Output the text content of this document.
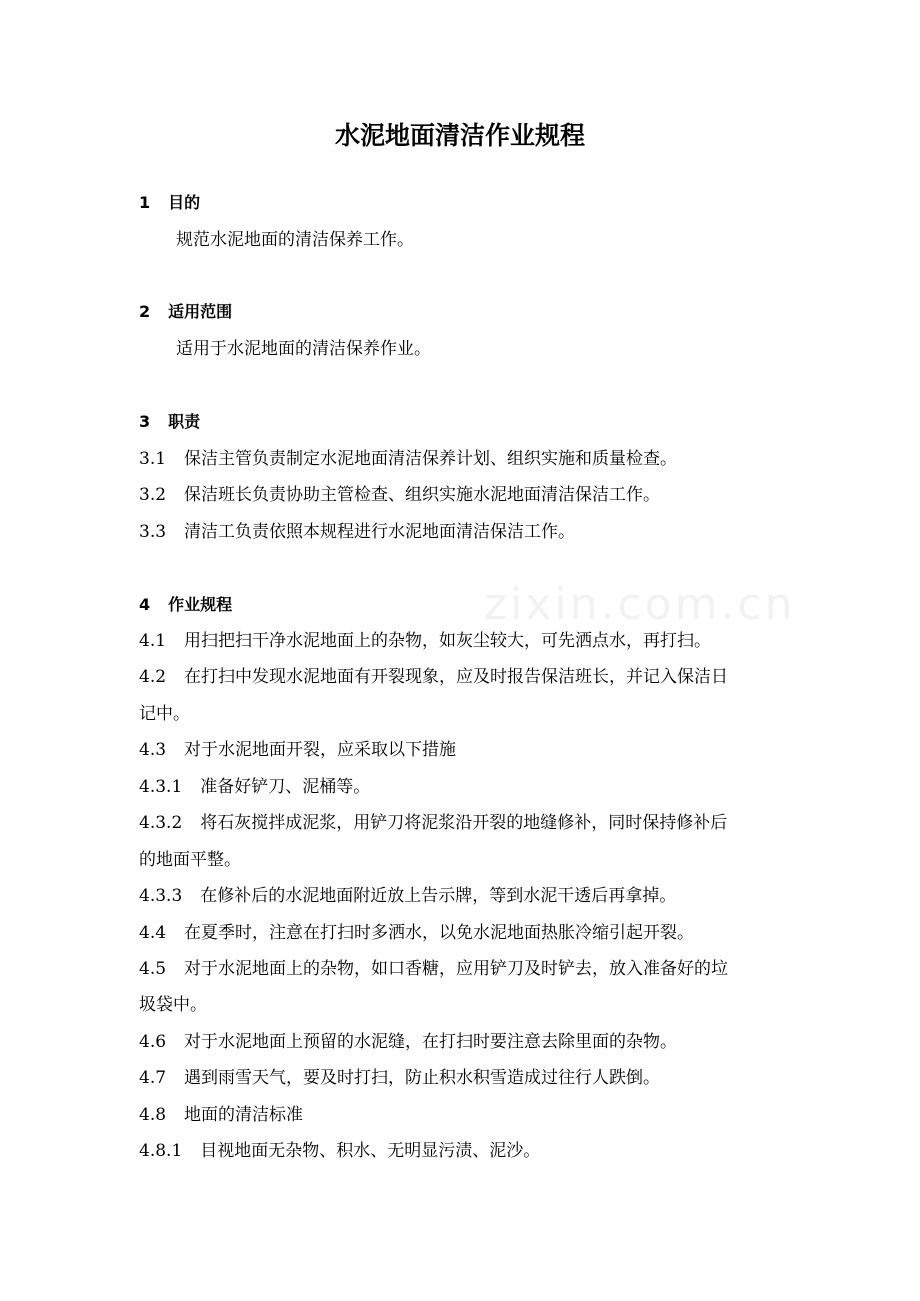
zixin.com.cn
水泥地面清洁作业规程
1 目的
规范水泥地面的清洁保养工作。
2 适用范围
适用于水泥地面的清洁保养作业。
3 职责
3.1 保洁主管负责制定水泥地面清洁保养计划、组织实施和质量检查。
3.2 保洁班长负责协助主管检查、组织实施水泥地面清洁保洁工作。
3.3 清洁工负责依照本规程进行水泥地面清洁保洁工作。
4 作业规程
4.1 用扫把扫干净水泥地面上的杂物，如灰尘较大，可先洒点水，再打扫。
4.2 在打扫中发现水泥地面有开裂现象，应及时报告保洁班长，并记入保洁日
记中。
4.3 对于水泥地面开裂，应采取以下措施
4.3.1 准备好铲刀、泥桶等。
4.3.2 将石灰搅拌成泥浆，用铲刀将泥浆沿开裂的地缝修补，同时保持修补后
的地面平整。
4.3.3 在修补后的水泥地面附近放上告示牌，等到水泥干透后再拿掉。
4.4 在夏季时，注意在打扫时多洒水，以免水泥地面热胀冷缩引起开裂。
4.5 对于水泥地面上的杂物，如口香糖，应用铲刀及时铲去，放入准备好的垃
圾袋中。
4.6 对于水泥地面上预留的水泥缝，在打扫时要注意去除里面的杂物。
4.7 遇到雨雪天气，要及时打扫，防止积水积雪造成过往行人跌倒。
4.8 地面的清洁标准
4.8.1 目视地面无杂物、积水、无明显污渍、泥沙。
